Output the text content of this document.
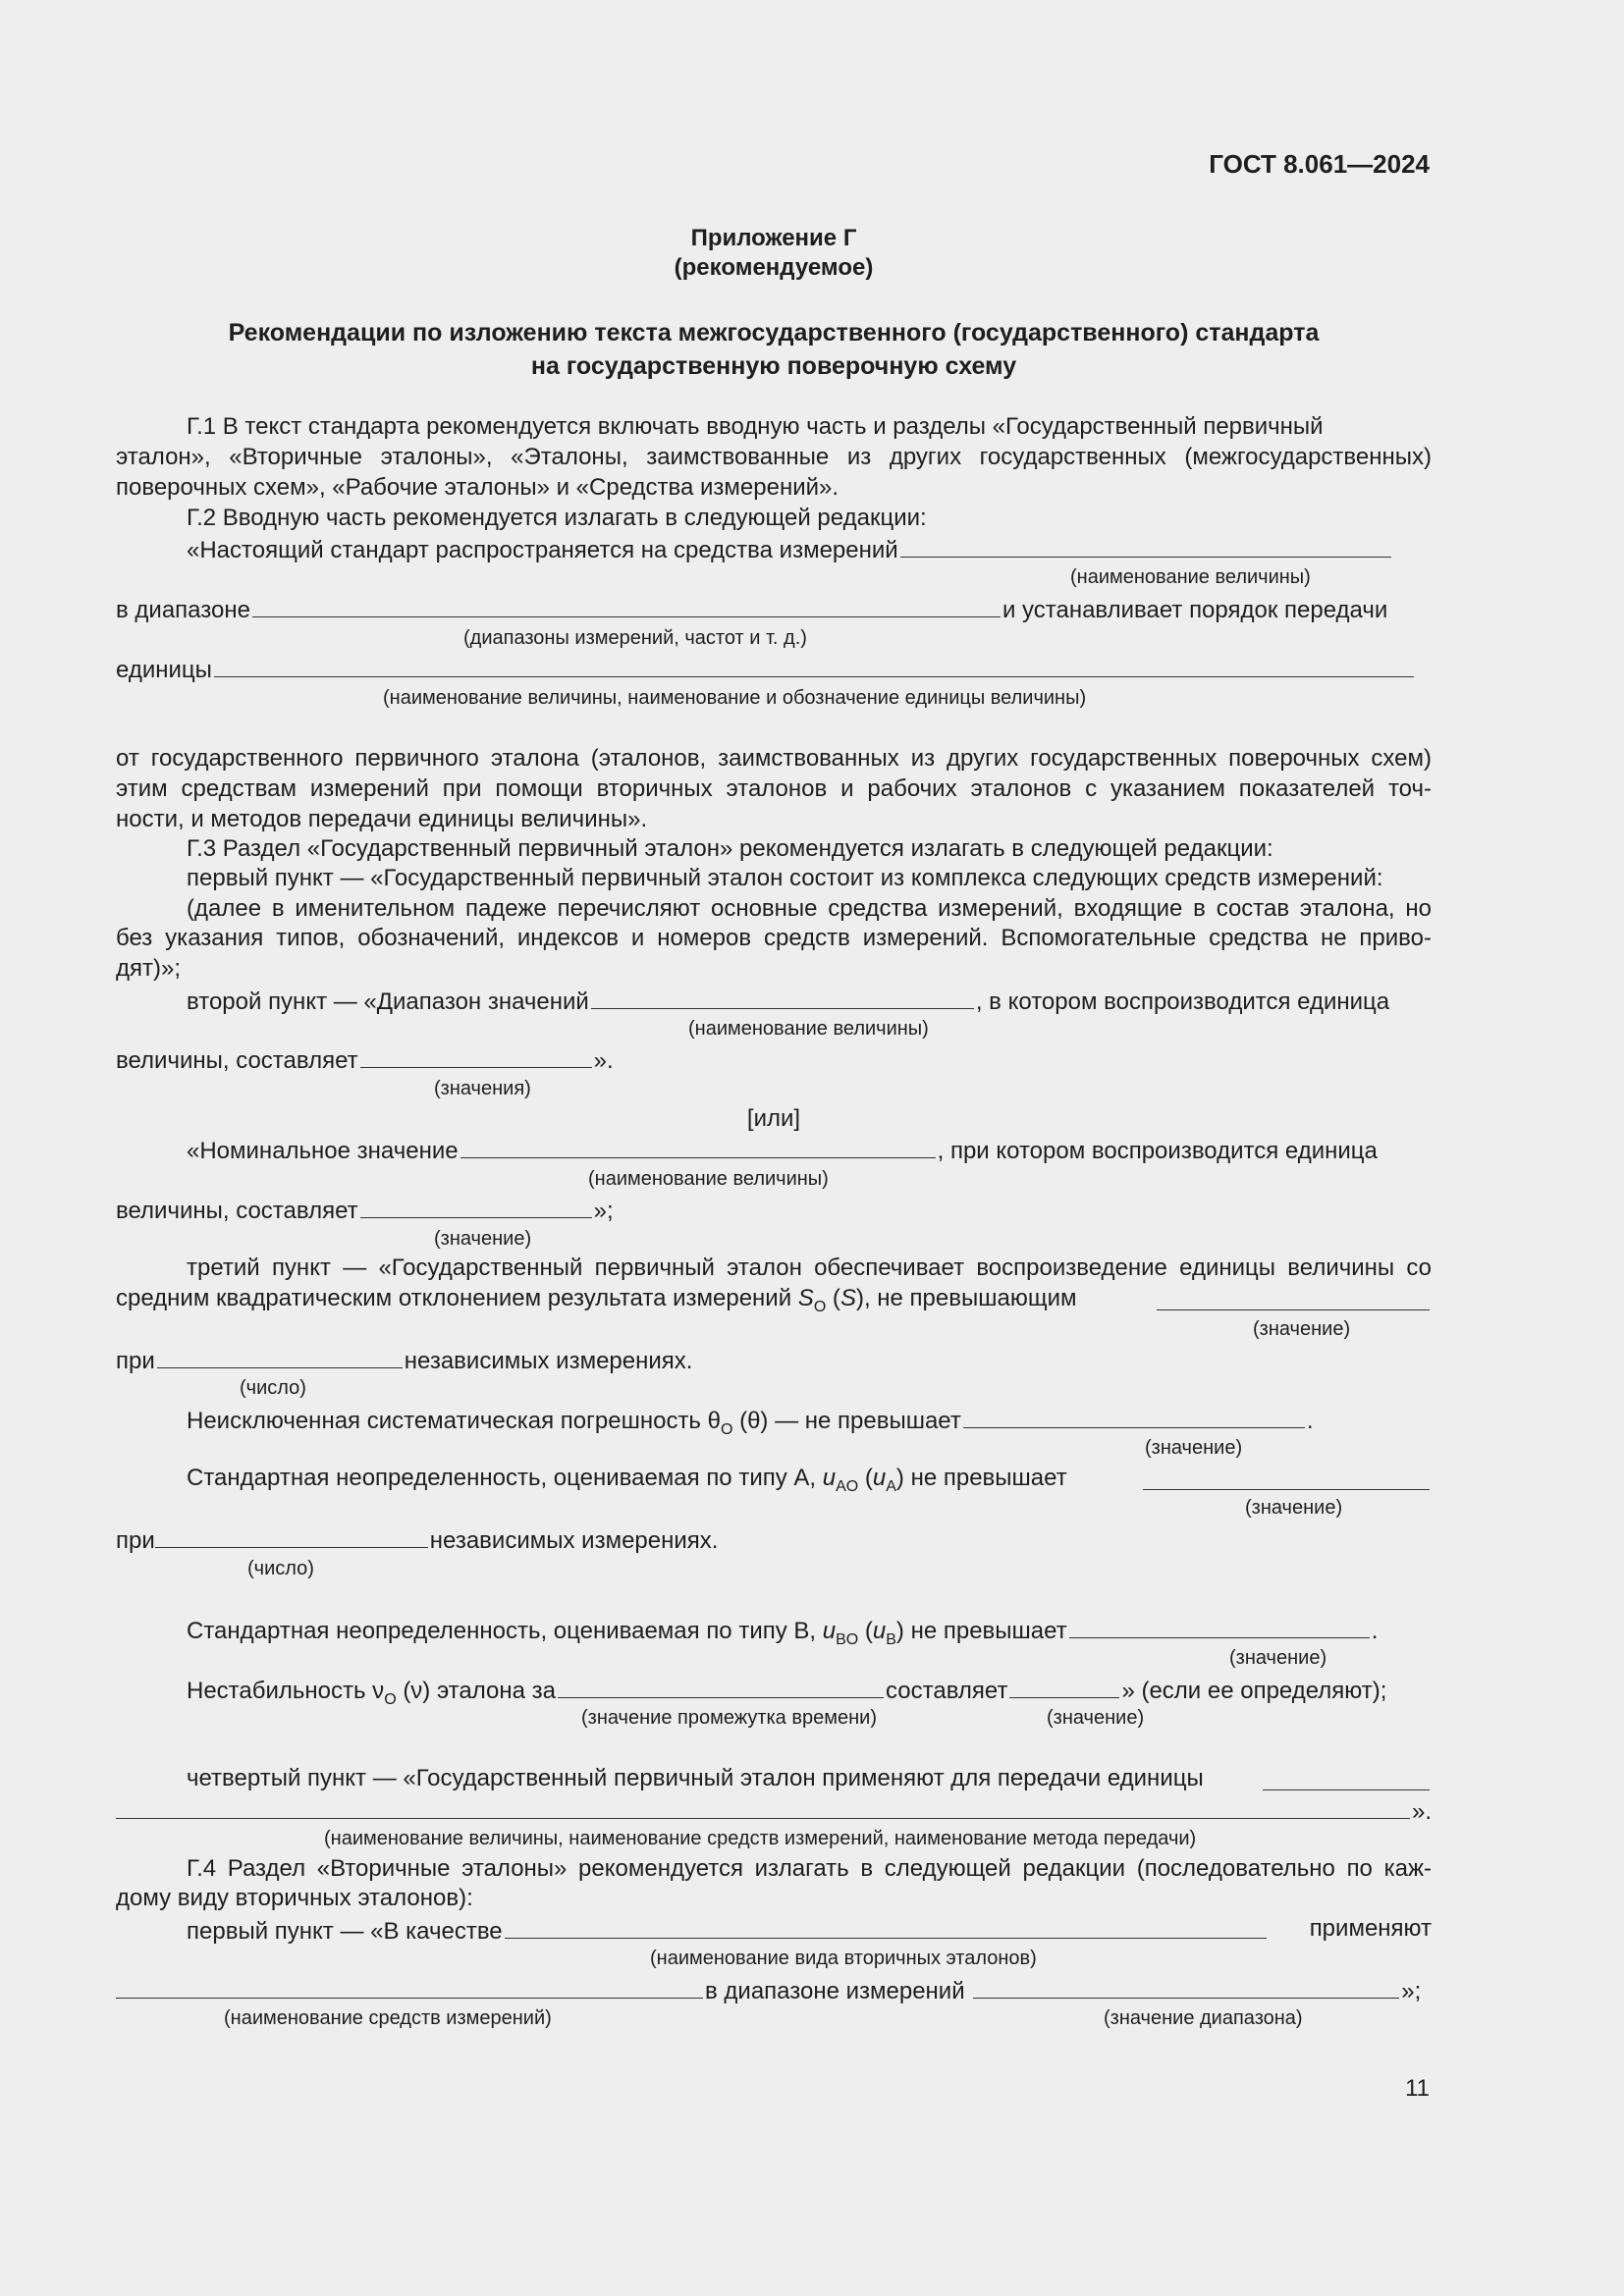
ГОСТ 8.061—2024
Приложение Г
(рекомендуемое)
Рекомендации по изложению текста межгосударственного (государственного) стандарта
на государственную поверочную схему
Г.1 В текст стандарта рекомендуется включать вводную часть и разделы «Государственный первичный
эталон», «Вторичные эталоны», «Эталоны, заимствованные из других государственных (межгосударственных)
поверочных схем», «Рабочие эталоны» и «Средства измерений».
Г.2 Вводную часть рекомендуется излагать в следующей редакции:
«Настоящий стандарт распространяется на средства измерений
(наименование величины)
в диапазоне	и устанавливает порядок передачи
(диапазоны измерений, частот и т. д.)
единицы
(наименование величины, наименование и обозначение единицы величины)
от государственного первичного эталона (эталонов, заимствованных из других государственных поверочных схем)
этим средствам измерений при помощи вторичных эталонов и рабочих эталонов с указанием показателей точ-
ности, и методов передачи единицы величины».
Г.3 Раздел «Государственный первичный эталон» рекомендуется излагать в следующей редакции:
первый пункт — «Государственный первичный эталон состоит из комплекса следующих средств измерений:
(далее в именительном падеже перечисляют основные средства измерений, входящие в состав эталона, но
без указания типов, обозначений, индексов и номеров средств измерений. Вспомогательные средства не приво-
дят)»;
второй пункт — «Диапазон значений	, в котором воспроизводится единица
(наименование величины)
величины, составляет	».
(значения)
[или]
«Номинальное значение	, при котором воспроизводится единица
(наименование величины)
величины, составляет	»;
(значение)
третий пункт — «Государственный первичный эталон обеспечивает воспроизведение единицы величины со
средним квадратическим отклонением результата измерений $S_O$ (S), не превышающим
(значение)
при	независимых измерениях.
(число)
Неисключенная систематическая погрешность $\theta_O$ (θ) — не превышает	.
(значение)
Стандартная неопределенность, оцениваемая по типу А, $u_{AO}$ $(u_A)$ не превышает
(значение)
при	независимых измерениях.
(число)
Стандартная неопределенность, оцениваемая по типу В, $u_{BO}$ $(u_B)$ не превышает	.
(значение)
Нестабильность $\nu_O$ (ν) эталона за	составляет	» (если ее определяют);
(значение промежутка времени)	(значение)
четвертый пункт — «Государственный первичный эталон применяют для передачи единицы
».
(наименование величины, наименование средств измерений, наименование метода передачи)
Г.4 Раздел «Вторичные эталоны» рекомендуется излагать в следующей редакции (последовательно по каж-
дому виду вторичных эталонов):
первый пункт — «В качестве	применяют
(наименование вида вторичных эталонов)
в диапазоне измерений	»;
(наименование средств измерений)	(значение диапазона)
11
